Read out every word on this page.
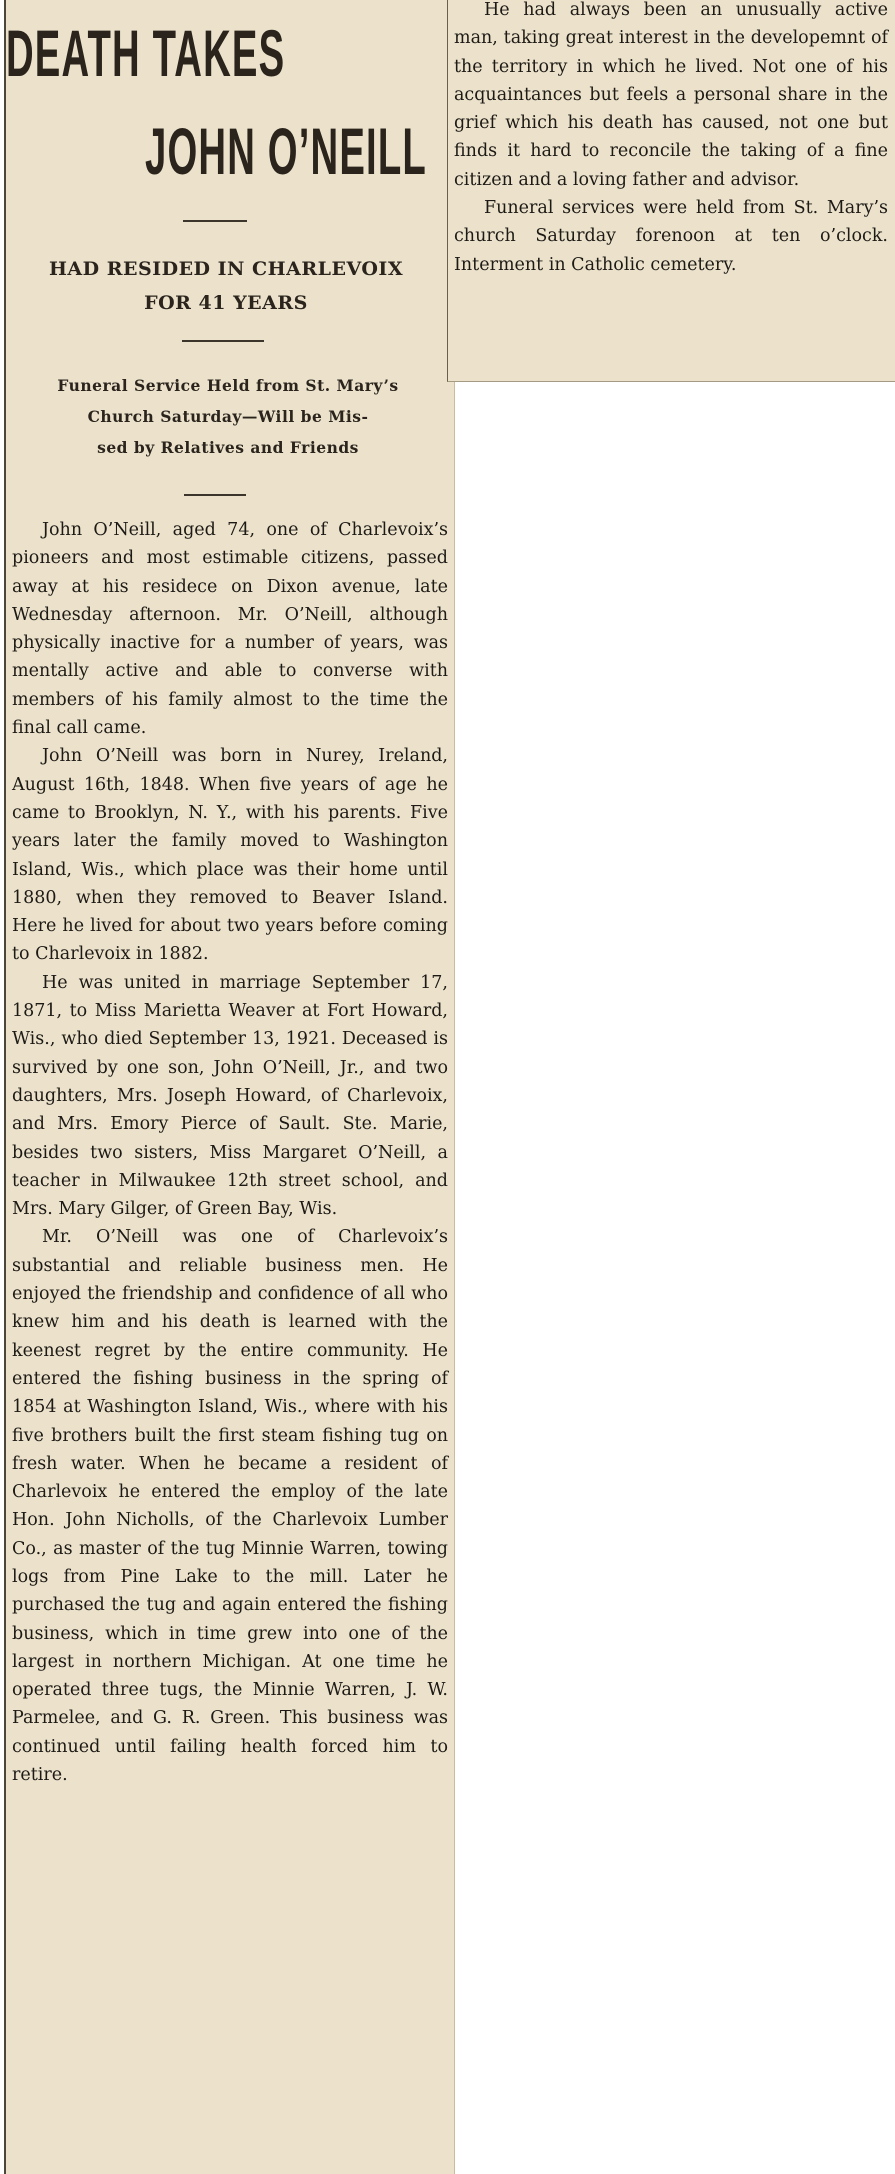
DEATH TAKES
JOHN O’NEILL
HAD RESIDED IN CHARLEVOIX
FOR 41 YEARS
Funeral Service Held from St. Mary’s
Church Saturday—Will be Mis-
sed by Relatives and Friends

John O’Neill, aged 74, one of Charlevoix’s pioneers and most estimable citizens, passed away at his residece on Dixon avenue, late Wednesday afternoon. Mr. O’Neill, although physically inactive for a number of years, was mentally active and able to converse with members of his family almost to the time the final call came.

John O’Neill was born in Nurey, Ireland, August 16th, 1848. When five years of age he came to Brooklyn, N. Y., with his parents. Five years later the family moved to Washington Island, Wis., which place was their home until 1880, when they removed to Beaver Island. Here he lived for about two years before coming to Charlevoix in 1882.

He was united in marriage September 17, 1871, to Miss Marietta Weaver at Fort Howard, Wis., who died September 13, 1921. Deceased is survived by one son, John O’Neill, Jr., and two daughters, Mrs. Joseph Howard, of Charlevoix, and Mrs. Emory Pierce of Sault. Ste. Marie, besides two sisters, Miss Margaret O’Neill, a teacher in Milwaukee 12th street school, and Mrs. Mary Gilger, of Green Bay, Wis.

Mr. O’Neill was one of Charlevoix’s substantial and reliable business men. He enjoyed the friendship and confidence of all who knew him and his death is learned with the keenest regret by the entire community. He entered the fishing business in the spring of 1854 at Washington Island, Wis., where with his five brothers built the first steam fishing tug on fresh water. When he became a resident of Charlevoix he entered the employ of the late Hon. John Nicholls, of the Charlevoix Lumber Co., as master of the tug Minnie Warren, towing logs from Pine Lake to the mill. Later he purchased the tug and again entered the fishing business, which in time grew into one of the largest in northern Michigan. At one time he operated three tugs, the Minnie Warren, J. W. Parmelee, and G. R. Green. This business was continued until failing health forced him to retire.

He had always been an unusually active man, taking great interest in the developemnt of the territory in which he lived. Not one of his acquaintances but feels a personal share in the grief which his death has caused, not one but finds it hard to reconcile the taking of a fine citizen and a loving father and advisor.

Funeral services were held from St. Mary’s church Saturday forenoon at ten o’clock. Interment in Catholic cemetery.
